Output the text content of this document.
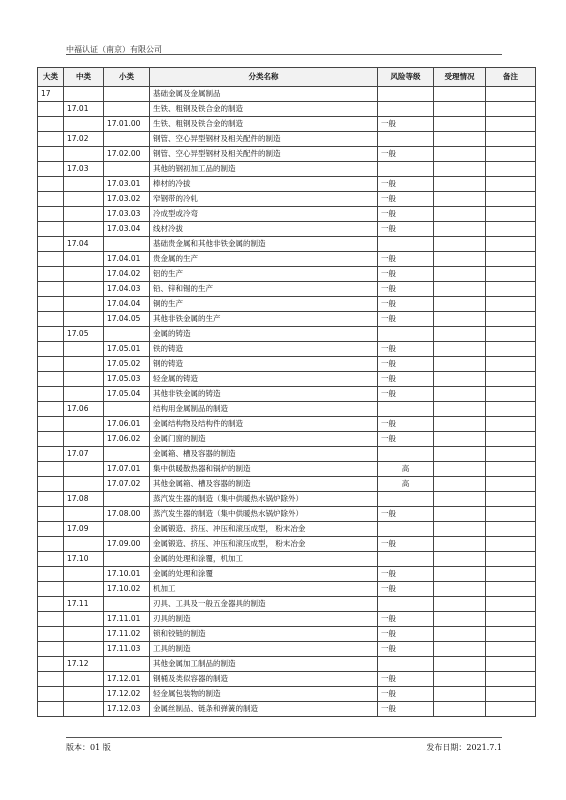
中福认证（南京）有限公司
大类	中类	小类	分类名称	风险等级	受理情况	备注
17			基础金属及金属制品			
	17.01		生铁、粗钢及铁合金的制造			
		17.01.00	生铁、粗钢及铁合金的制造	一般		
	17.02		钢管、空心异型钢材及相关配件的制造			
		17.02.00	钢管、空心异型钢材及相关配件的制造	一般		
	17.03		其他的钢初加工品的制造			
		17.03.01	棒材的冷拔	一般		
		17.03.02	窄钢带的冷轧	一般		
		17.03.03	冷成型或冷弯	一般		
		17.03.04	线材冷拔	一般		
	17.04		基础贵金属和其他非铁金属的制造			
		17.04.01	贵金属的生产	一般		
		17.04.02	铝的生产	一般		
		17.04.03	铅、锌和锡的生产	一般		
		17.04.04	铜的生产	一般		
		17.04.05	其他非铁金属的生产	一般		
	17.05		金属的铸造			
		17.05.01	铁的铸造	一般		
		17.05.02	钢的铸造	一般		
		17.05.03	轻金属的铸造	一般		
		17.05.04	其他非铁金属的铸造	一般		
	17.06		结构用金属制品的制造			
		17.06.01	金属结构物及结构件的制造	一般		
		17.06.02	金属门窗的制造	一般		
	17.07		金属箱、槽及容器的制造			
		17.07.01	集中供暖散热器和锅炉的制造	高		
		17.07.02	其他金属箱、槽及容器的制造	高		
	17.08		蒸汽发生器的制造（集中供暖热水锅炉除外）			
		17.08.00	蒸汽发生器的制造（集中供暖热水锅炉除外）	一般		
	17.09		金属锻造、挤压、冲压和滚压成型， 粉末冶金			
		17.09.00	金属锻造、挤压、冲压和滚压成型， 粉末冶金	一般		
	17.10		金属的处理和涂覆，机加工			
		17.10.01	金属的处理和涂覆	一般		
		17.10.02	机加工	一般		
	17.11		刃具、工具及一般五金器具的制造			
		17.11.01	刃具的制造	一般		
		17.11.02	锁和铰链的制造	一般		
		17.11.03	工具的制造	一般		
	17.12		其他金属加工制品的制造			
		17.12.01	钢桶及类似容器的制造	一般		
		17.12.02	轻金属包装物的制造	一般		
		17.12.03	金属丝制品、链条和弹簧的制造	一般		
版本：01 版	发布日期：2021.7.1
